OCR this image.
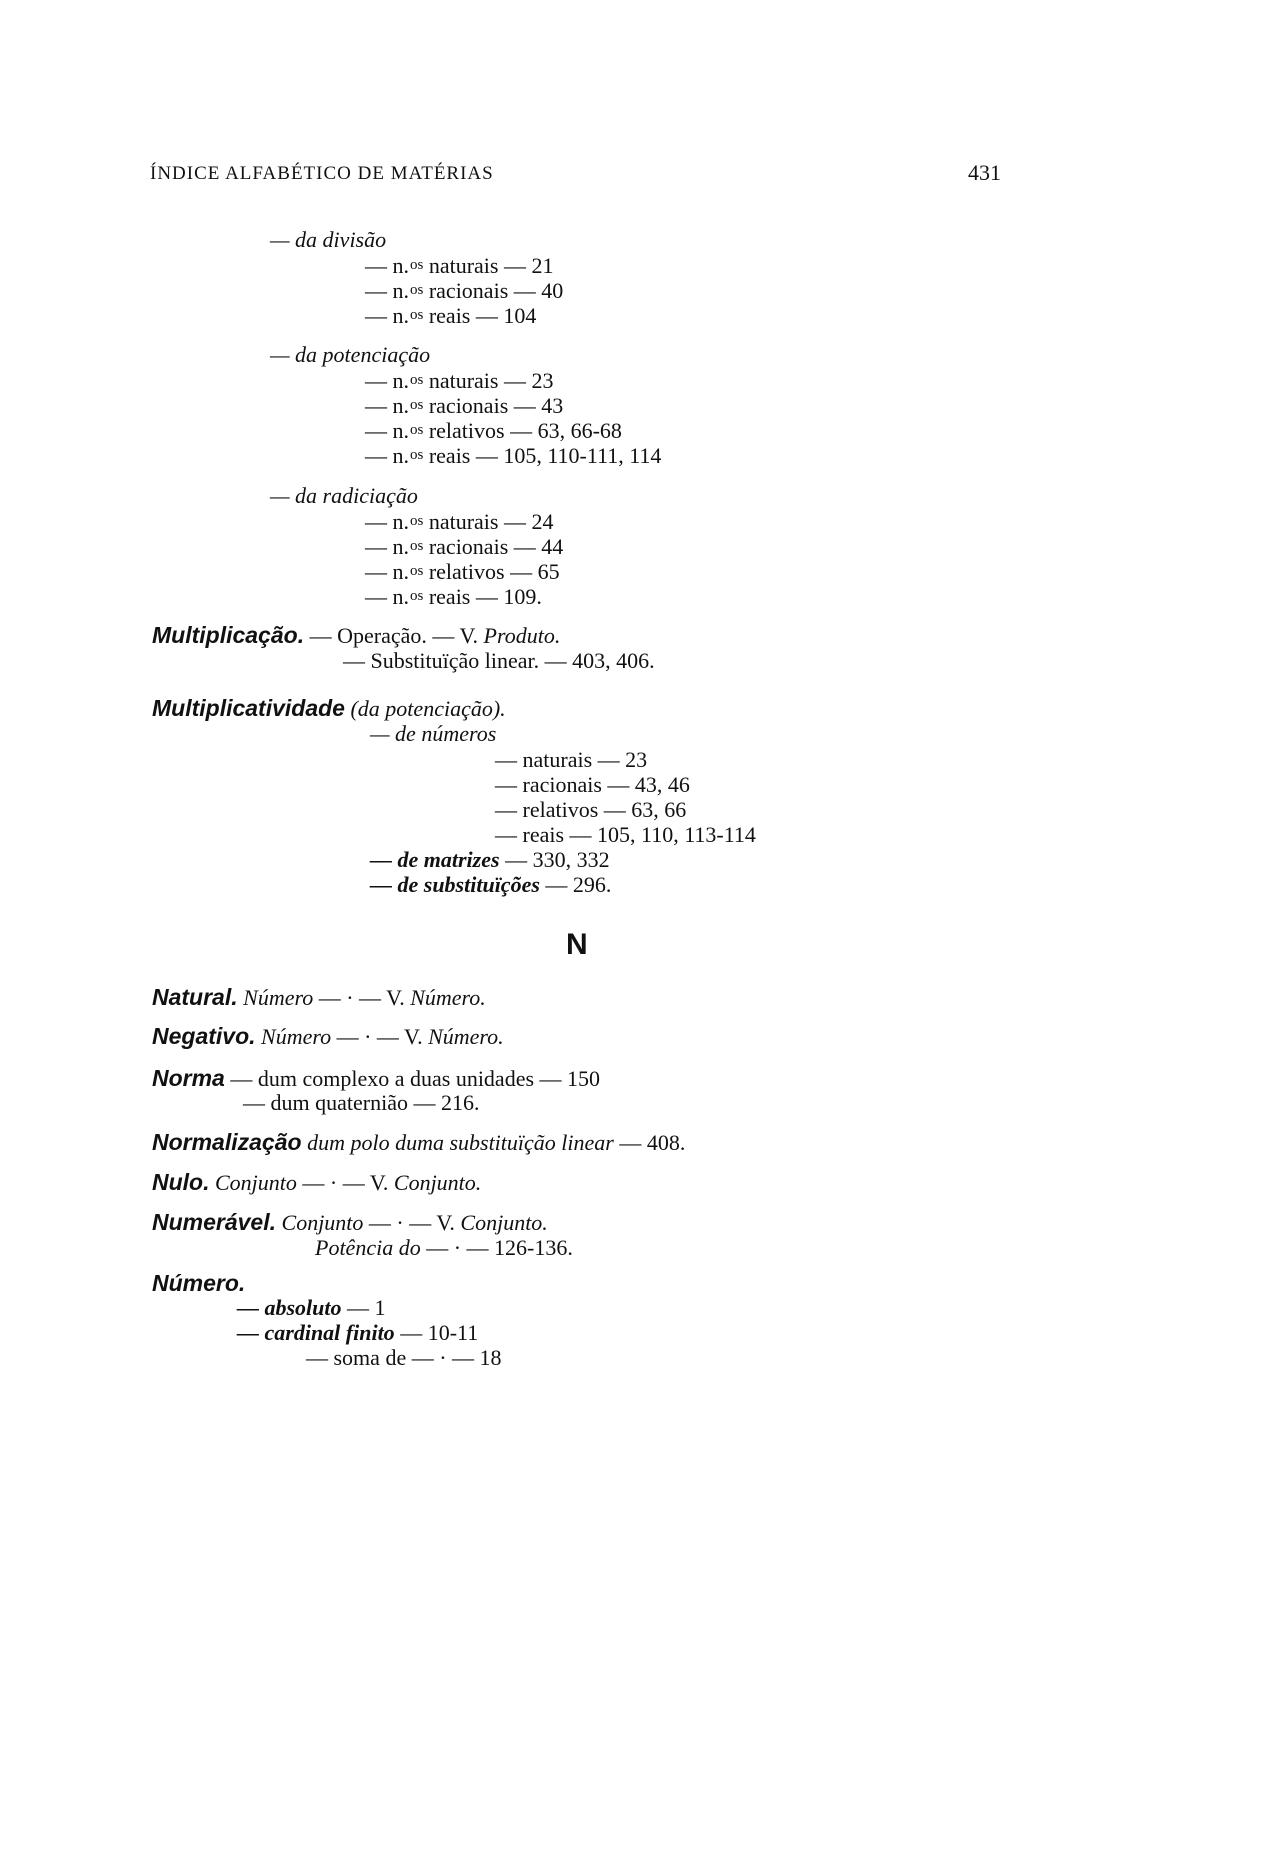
ÍNDICE ALFABÉTICO DE MATÉRIAS	431
— da divisão
— n.$^{os}$ naturais — 21
— n.$^{os}$ racionais — 40
— n.$^{os}$ reais — 104
— da potenciação
— n.$^{os}$ naturais — 23
— n.$^{os}$ racionais — 43
— n.$^{os}$ relativos — 63, 66-68
— n.$^{os}$ reais — 105, 110-111, 114
— da radiciação
— n.$^{os}$ naturais — 24
— n.$^{os}$ racionais — 44
— n.$^{os}$ relativos — 65
— n.$^{os}$ reais — 109.
Multiplicação. — Operação. — V. Produto.
— Substituïção linear. — 403, 406.
Multiplicatividade (da potenciação).
— de números
— naturais — 23
— racionais — 43, 46
— relativos — 63, 66
— reais — 105, 110, 113-114
— de matrizes — 330, 332
— de substituïções — 296.
N
Natural. Número — · — V. Número.
Negativo. Número — · — V. Número.
Norma — dum complexo a duas unidades — 150
— dum quaternião — 216.
Normalização dum polo duma substituïção linear — 408.
Nulo. Conjunto — · — V. Conjunto.
Numerável. Conjunto — · — V. Conjunto.
Potência do — · — 126-136.
Número.
— absoluto — 1
— cardinal finito — 10-11
— soma de — · — 18
